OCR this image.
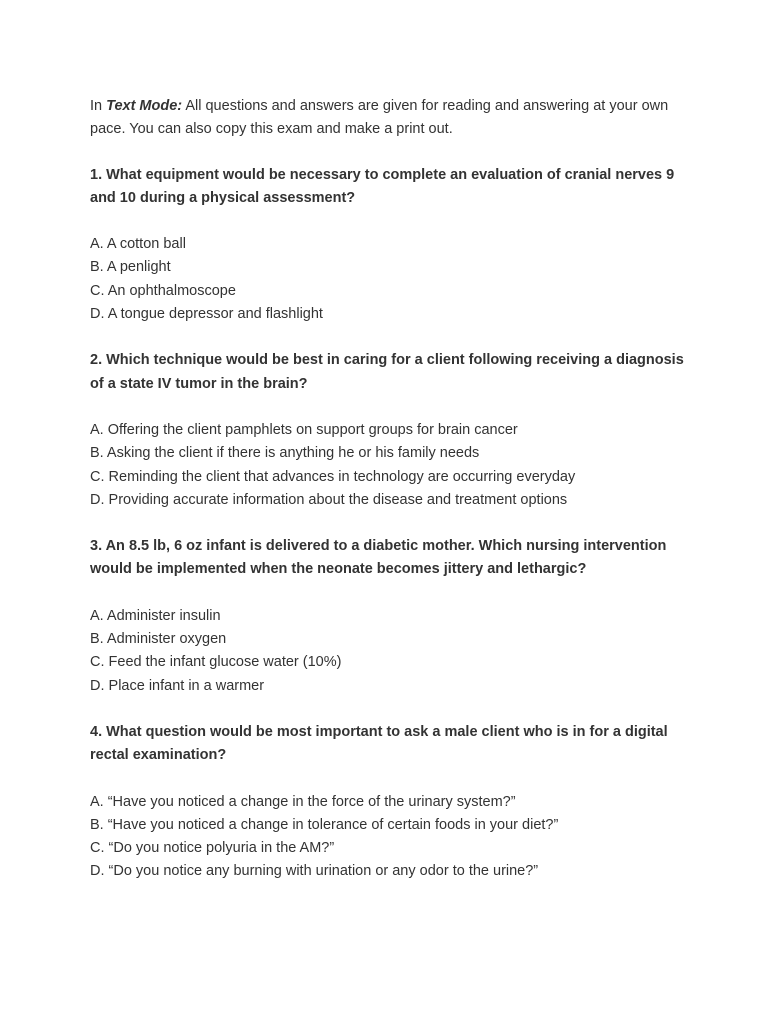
In Text Mode: All questions and answers are given for reading and answering at your own pace. You can also copy this exam and make a print out.

1. What equipment would be necessary to complete an evaluation of cranial nerves 9 and 10 during a physical assessment?

A. A cotton ball
B. A penlight
C. An ophthalmoscope
D. A tongue depressor and flashlight

2. Which technique would be best in caring for a client following receiving a diagnosis of a state IV tumor in the brain?

A. Offering the client pamphlets on support groups for brain cancer
B. Asking the client if there is anything he or his family needs
C. Reminding the client that advances in technology are occurring everyday
D. Providing accurate information about the disease and treatment options

3. An 8.5 lb, 6 oz infant is delivered to a diabetic mother. Which nursing intervention would be implemented when the neonate becomes jittery and lethargic?

A. Administer insulin
B. Administer oxygen
C. Feed the infant glucose water (10%)
D. Place infant in a warmer

4. What question would be most important to ask a male client who is in for a digital rectal examination?

A. “Have you noticed a change in the force of the urinary system?”
B. “Have you noticed a change in tolerance of certain foods in your diet?”
C. “Do you notice polyuria in the AM?”
D. “Do you notice any burning with urination or any odor to the urine?”
